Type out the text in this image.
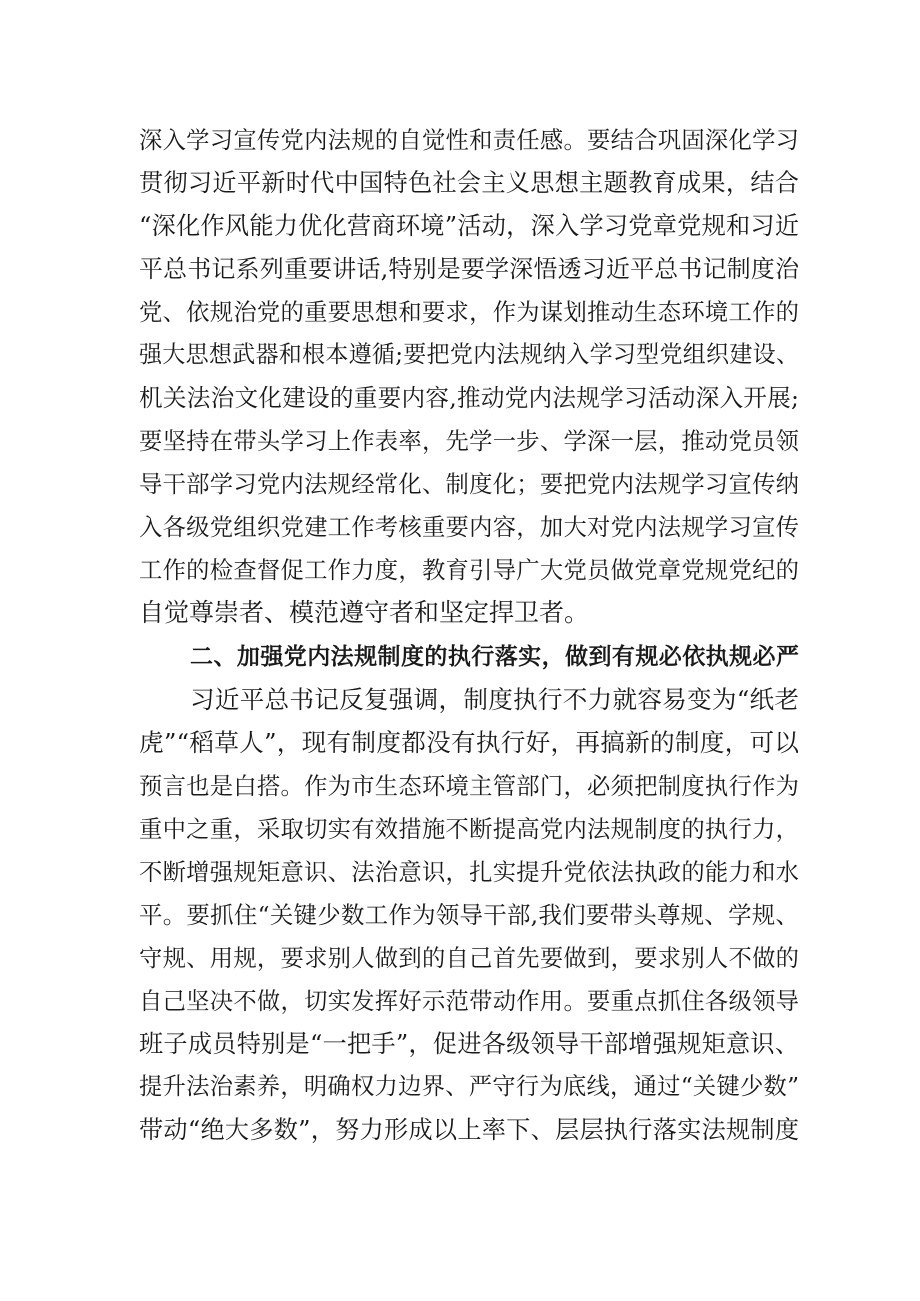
深入学习宣传党内法规的自觉性和责任感。要结合巩固深化学习
贯彻习近平新时代中国特色社会主义思想主题教育成果，结合
“深化作风能力优化营商环境”活动，深入学习党章党规和习近
平总书记系列重要讲话,特别是要学深悟透习近平总书记制度治
党、依规治党的重要思想和要求，作为谋划推动生态环境工作的
强大思想武器和根本遵循;要把党内法规纳入学习型党组织建设、
机关法治文化建设的重要内容,推动党内法规学习活动深入开展;
要坚持在带头学习上作表率，先学一步、学深一层，推动党员领
导干部学习党内法规经常化、制度化；要把党内法规学习宣传纳
入各级党组织党建工作考核重要内容，加大对党内法规学习宣传
工作的检查督促工作力度，教育引导广大党员做党章党规党纪的
自觉尊崇者、模范遵守者和坚定捍卫者。
二、加强党内法规制度的执行落实，做到有规必依执规必严
习近平总书记反复强调，制度执行不力就容易变为“纸老
虎”“稻草人”，现有制度都没有执行好，再搞新的制度，可以
预言也是白搭。作为市生态环境主管部门，必须把制度执行作为
重中之重，采取切实有效措施不断提高党内法规制度的执行力，
不断增强规矩意识、法治意识，扎实提升党依法执政的能力和水
平。要抓住“关键少数工作为领导干部,我们要带头尊规、学规、
守规、用规，要求别人做到的自己首先要做到，要求别人不做的
自己坚决不做，切实发挥好示范带动作用。要重点抓住各级领导
班子成员特别是“一把手”，促进各级领导干部增强规矩意识、
提升法治素养，明确权力边界、严守行为底线，通过“关键少数”
带动“绝大多数”，努力形成以上率下、层层执行落实法规制度
